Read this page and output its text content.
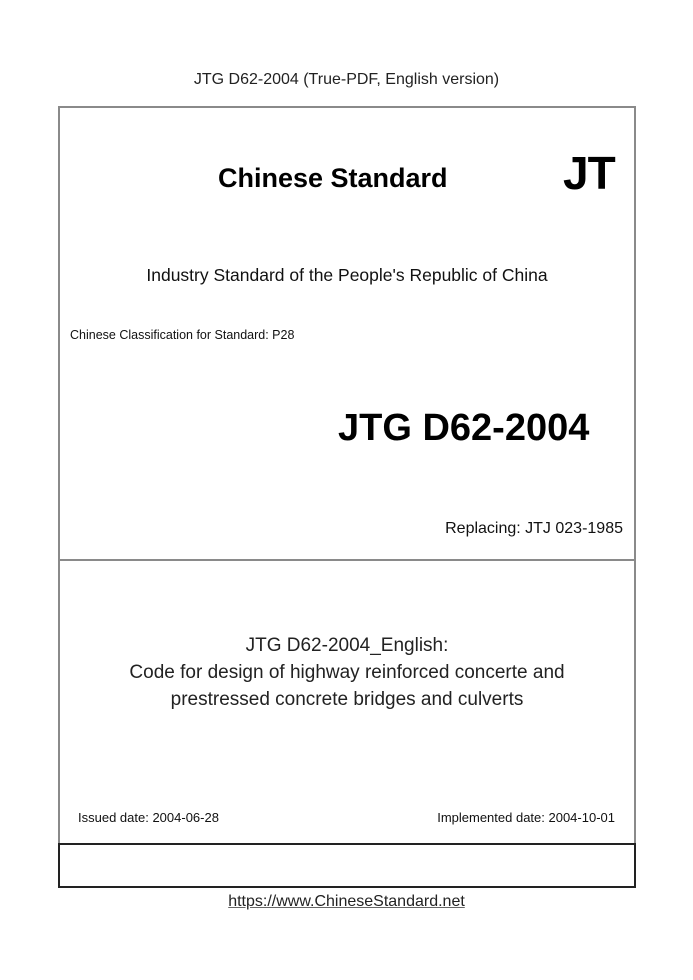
JTG D62-2004 (True-PDF, English version)
Chinese Standard	JT
Industry Standard of the People's Republic of China
Chinese Classification for Standard: P28
JTG D62-2004
Replacing: JTJ 023-1985
JTG D62-2004_English:
Code for design of highway reinforced concerte and
prestressed concrete bridges and culverts
Issued date: 2004-06-28	Implemented date: 2004-10-01
https://www.ChineseStandard.net
